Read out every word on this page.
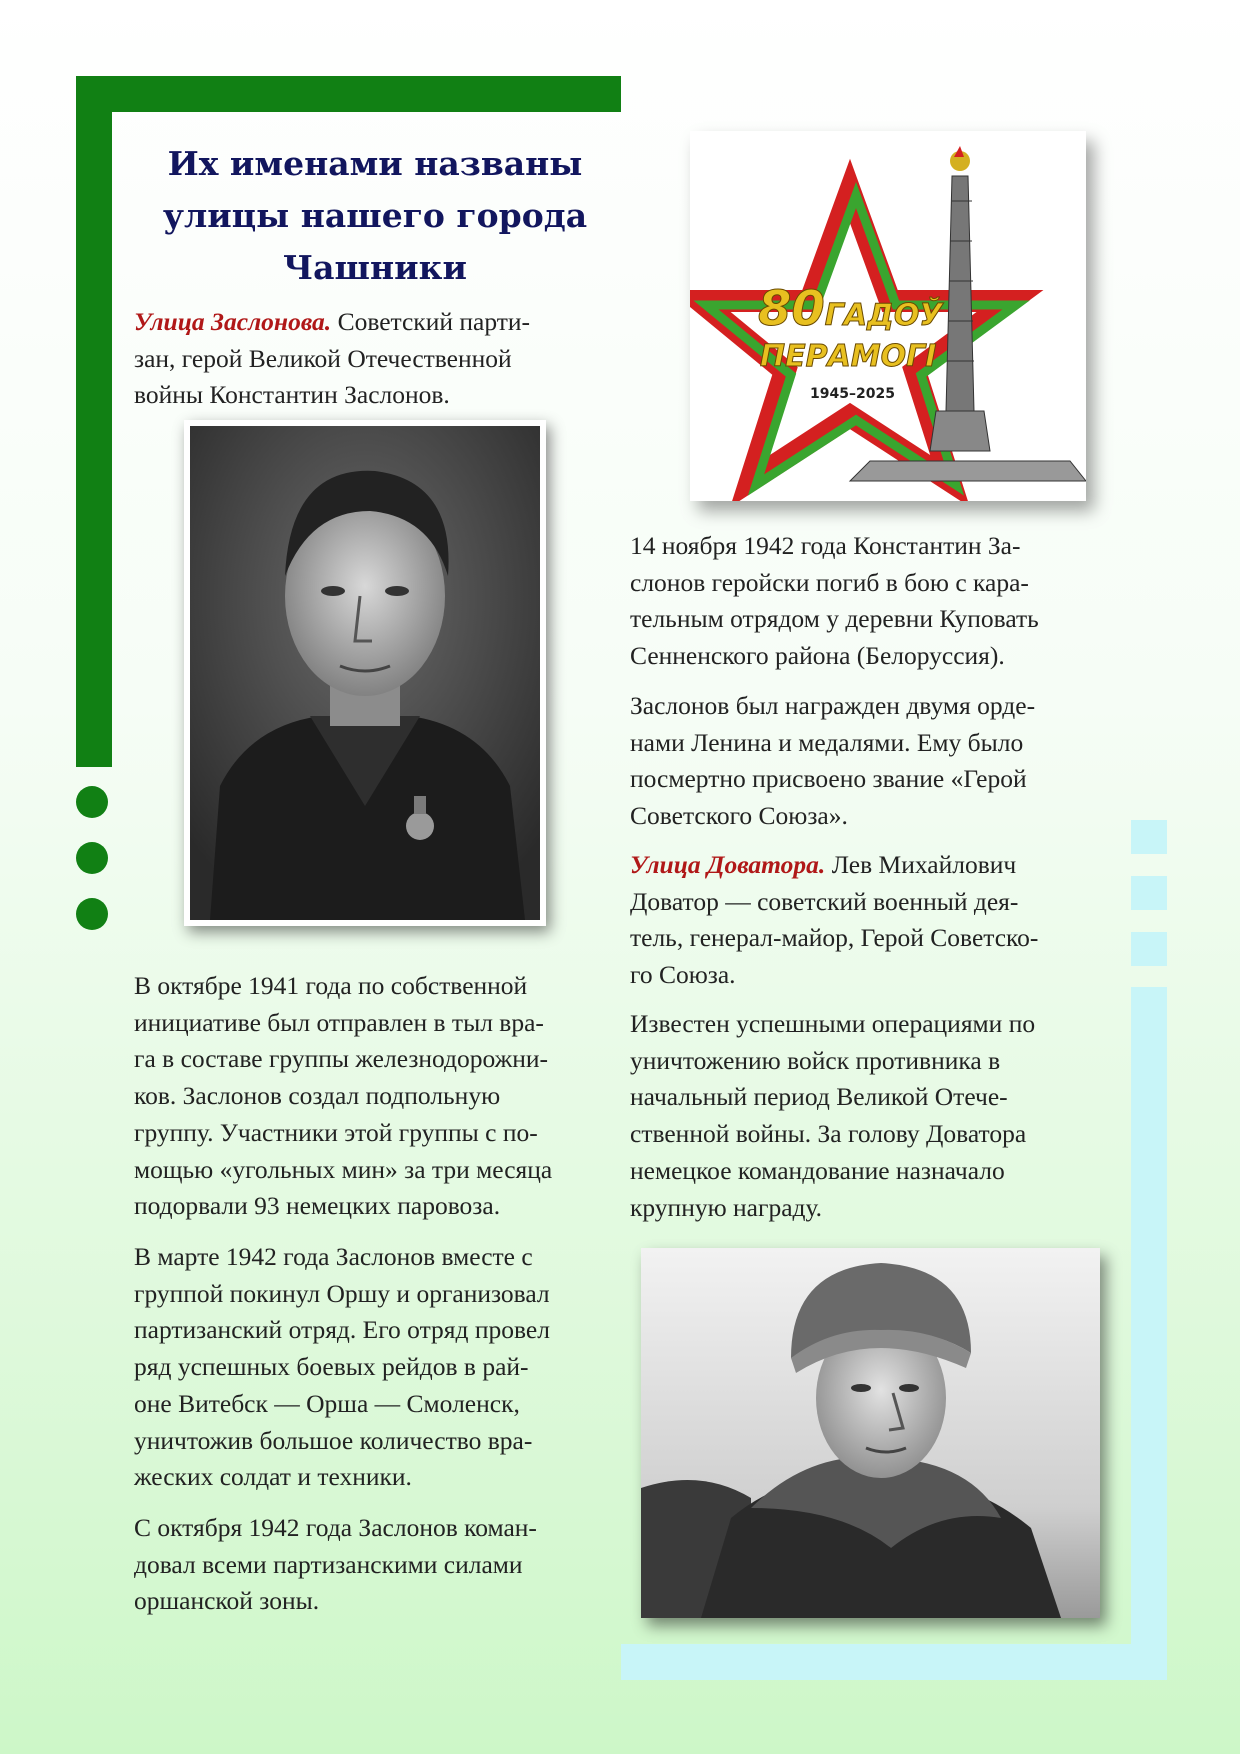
Их именами названы
улицы нашего города
Чашники
Улица Заслонова. Советский парти-
зан, герой Великой Отечественной
войны Константин Заслонов.
80ГАДОЎ
ПЕРАМОГІ
1945–2025
14 ноября 1942 года Константин За-
слонов геройски погиб в бою с кара-
тельным отрядом у деревни Куповать
Сенненского района (Белоруссия).
Заслонов был награжден двумя орде-
нами Ленина и медалями. Ему было
посмертно присвоено звание «Герой
Советского Союза».
Улица Доватора. Лев Михайлович
Доватор — советский военный дея-
тель, генерал-майор, Герой Советско-
го Союза.
Известен успешными операциями по
уничтожению войск противника в
начальный период Великой Отече-
ственной войны. За голову Доватора
немецкое командование назначало
крупную награду.
В октябре 1941 года по собственной
инициативе был отправлен в тыл вра-
га в составе группы железнодорожни-
ков. Заслонов создал подпольную
группу. Участники этой группы с по-
мощью «угольных мин» за три месяца
подорвали 93 немецких паровоза.
В марте 1942 года Заслонов вместе с
группой покинул Оршу и организовал
партизанский отряд. Его отряд провел
ряд успешных боевых рейдов в рай-
оне Витебск — Орша — Смоленск,
уничтожив большое количество вра-
жеских солдат и техники.
С октября 1942 года Заслонов коман-
довал всеми партизанскими силами
оршанской зоны.
